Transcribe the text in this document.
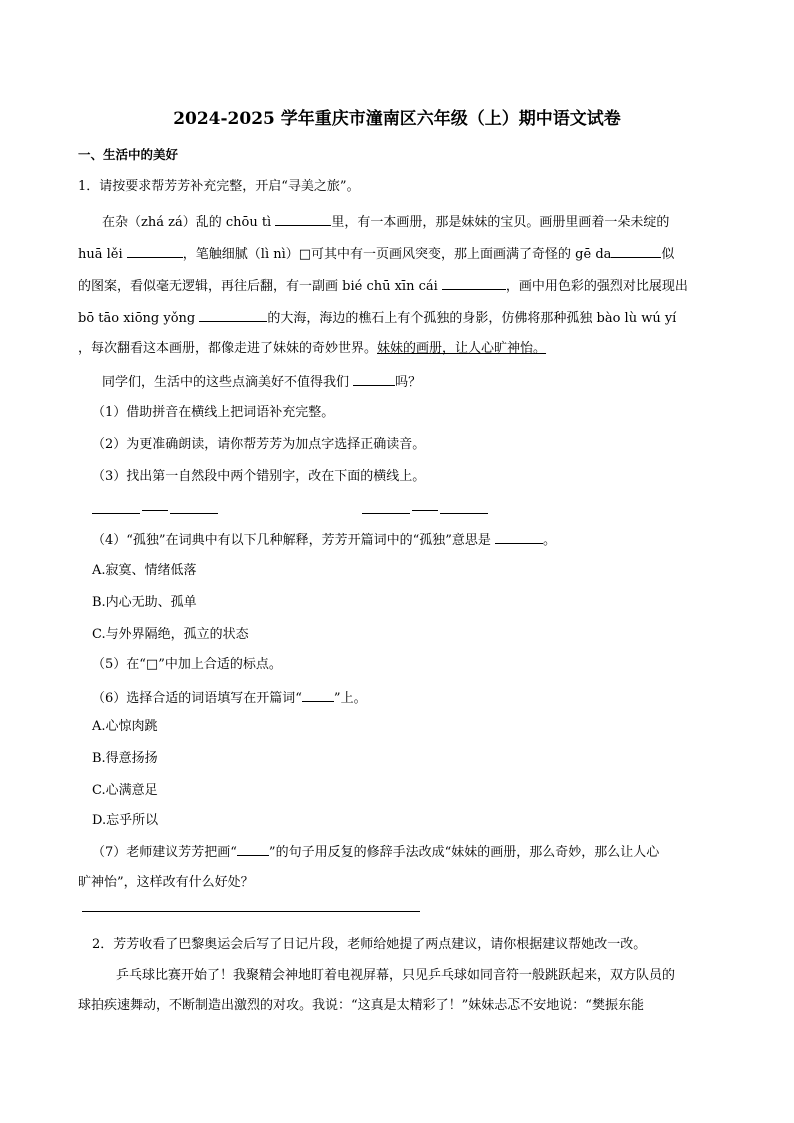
2024-2025 学年重庆市潼南区六年级（上）期中语文试卷
一、生活中的美好
1．请按要求帮芳芳补充完整，开启“寻美之旅”。
在杂（zhá zá）乱的 chōu tì	里，有一本画册，那是妹妹的宝贝。画册里画着一朵未绽的
huā lěi	，笔触细腻（lì nì）□可其中有一页画风突变，那上面画满了奇怪的 gē da	似
的图案，看似毫无逻辑，再往后翻，有一副画 bié chū xīn cái	，画中用色彩的强烈对比展现出
bō tāo xiōng yǒng	的大海，海边的樵石上有个孤独的身影，仿佛将那种孤独 bào lù wú yí
，每次翻看这本画册，都像走进了妹妹的奇妙世界。妹妹的画册，让人心旷神怡。
同学们，生活中的这些点滴美好不值得我们	吗？
（1）借助拼音在横线上把词语补充完整。
（2）为更准确朗读，请你帮芳芳为加点字选择正确读音。
（3）找出第一自然段中两个错别字，改在下面的横线上。
（4）“孤独”在词典中有以下几种解释，芳芳开篇词中的“孤独”意思是	。
A.寂寞、情绪低落
B.内心无助、孤单
C.与外界隔绝，孤立的状态
（5）在“□”中加上合适的标点。
（6）选择合适的词语填写在开篇词“ ”上。
A.心惊肉跳
B.得意扬扬
C.心满意足
D.忘乎所以
（7）老师建议芳芳把画“ ”的句子用反复的修辞手法改成“妹妹的画册，那么奇妙，那么让人心
旷神怡”，这样改有什么好处？
2．芳芳收看了巴黎奥运会后写了日记片段，老师给她提了两点建议，请你根据建议帮她改一改。
乒乓球比赛开始了！我聚精会神地盯着电视屏幕，只见乒乓球如同音符一般跳跃起来，双方队员的
球拍疾速舞动，不断制造出激烈的对攻。我说：“这真是太精彩了！”妹妹忐忑不安地说：“樊振东能
